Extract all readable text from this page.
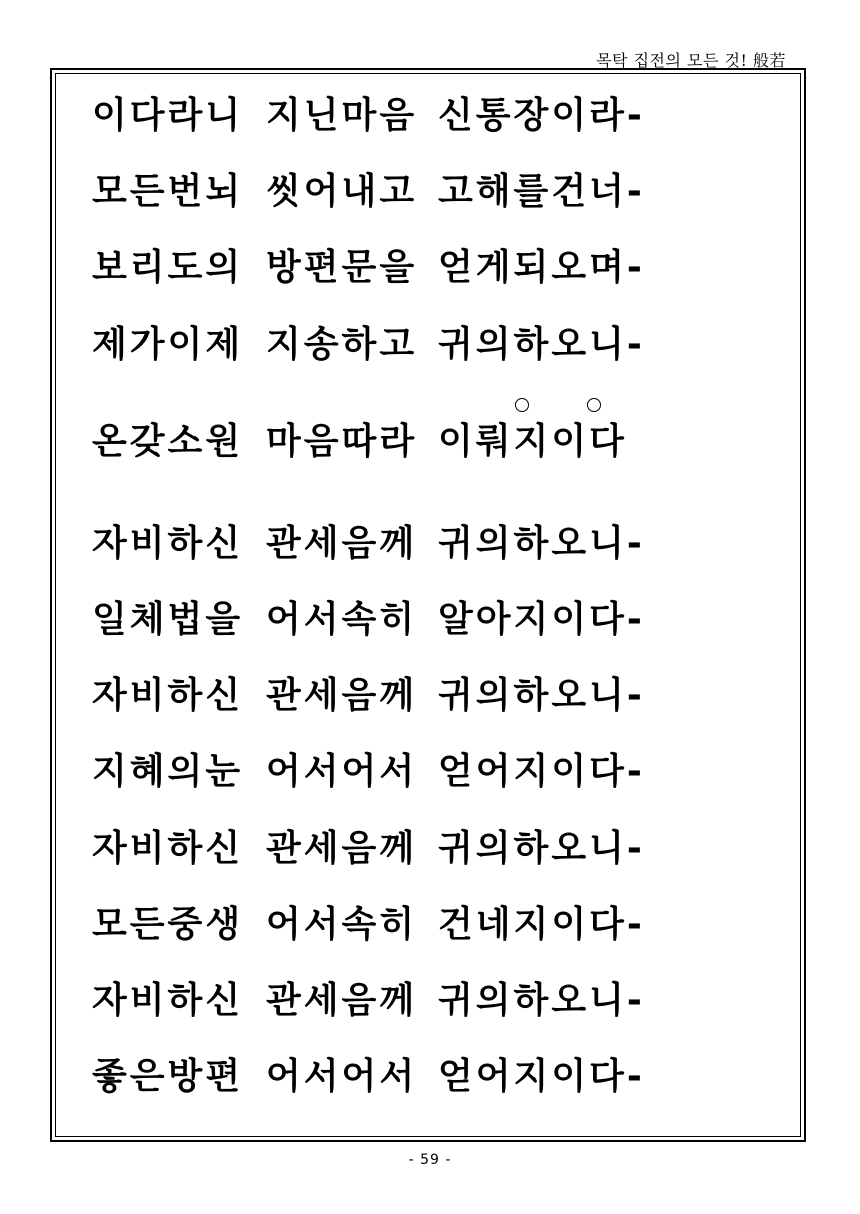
목탁 집전의 모든 것! 般若
이다라니 지닌마음 신통장이라-
모든번뇌 씻어내고 고해를건너-
보리도의 방편문을 얻게되오며-
제가이제 지송하고 귀의하오니-
온갖소원 마음따라 이뤄지이다
자비하신 관세음께 귀의하오니-
일체법을 어서속히 알아지이다-
자비하신 관세음께 귀의하오니-
지혜의눈 어서어서 얻어지이다-
자비하신 관세음께 귀의하오니-
모든중생 어서속히 건네지이다-
자비하신 관세음께 귀의하오니-
좋은방편 어서어서 얻어지이다-
- 59 -
